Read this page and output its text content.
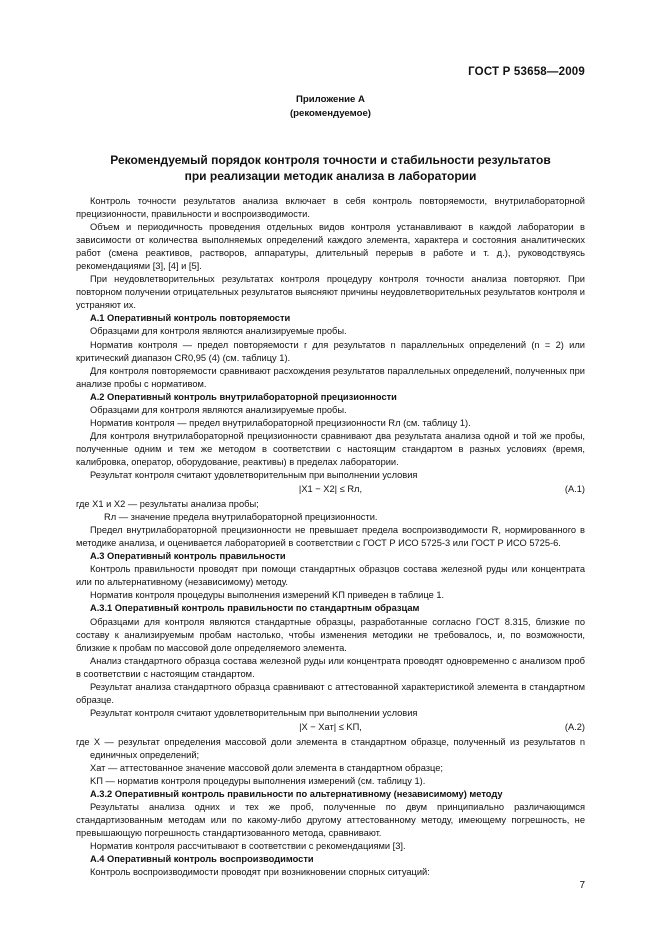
ГОСТ Р 53658—2009
Приложение А
(рекомендуемое)
Рекомендуемый порядок контроля точности и стабильности результатов
при реализации методик анализа в лаборатории

Контроль точности результатов анализа включает в себя контроль повторяемости, внутрилабораторной прецизионности, правильности и воспроизводимости.

Объем и периодичность проведения отдельных видов контроля устанавливают в каждой лаборатории в зависимости от количества выполняемых определений каждого элемента, характера и состояния аналитических работ (смена реактивов, растворов, аппаратуры, длительный перерыв в работе и т. д.), руководствуясь рекомендациями [3], [4] и [5].

При неудовлетворительных результатах контроля процедуру контроля точности анализа повторяют. При повторном получении отрицательных результатов выясняют причины неудовлетворительных результатов контроля и устраняют их.

А.1 Оперативный контроль повторяемости

Образцами для контроля являются анализируемые пробы.

Норматив контроля — предел повторяемости r для результатов n параллельных определений (n = 2) или критический диапазон CR0,95 (4) (см. таблицу 1).

Для контроля повторяемости сравнивают расхождения результатов параллельных определений, полученных при анализе пробы с нормативом.

А.2 Оперативный контроль внутрилабораторной прецизионности

Образцами для контроля являются анализируемые пробы.

Норматив контроля — предел внутрилабораторной прецизионности Rл (см. таблицу 1).

Для контроля внутрилабораторной прецизионности сравнивают два результата анализа одной и той же пробы, полученные одним и тем же методом в соответствии с настоящим стандартом в разных условиях (время, калибровка, оператор, оборудование, реактивы) в пределах лаборатории.

Результат контроля считают удовлетворительным при выполнении условия

|X1 − X2| ≤ Rл,	(А.1)

где X1 и X2 — результаты анализа пробы;

Rл — значение предела внутрилабораторной прецизионности.

Предел внутрилабораторной прецизионности не превышает предела воспроизводимости R, нормированного в методике анализа, и оценивается лабораторией в соответствии с ГОСТ Р ИСО 5725-3 или ГОСТ Р ИСО 5725-6.

А.3 Оперативный контроль правильности

Контроль правильности проводят при помощи стандартных образцов состава железной руды или концентрата или по альтернативному (независимому) методу.

Норматив контроля процедуры выполнения измерений KП приведен в таблице 1.

А.3.1 Оперативный контроль правильности по стандартным образцам

Образцами для контроля являются стандартные образцы, разработанные согласно ГОСТ 8.315, близкие по составу к анализируемым пробам настолько, чтобы изменения методики не требовалось, и, по возможности, близкие к пробам по массовой доле определяемого элемента.

Анализ стандартного образца состава железной руды или концентрата проводят одновременно с анализом проб в соответствии с настоящим стандартом.

Результат анализа стандартного образца сравнивают с аттестованной характеристикой элемента в стандартном образце.

Результат контроля считают удовлетворительным при выполнении условия

|X − Xат| ≤ KП,	(А.2)

где X — результат определения массовой доли элемента в стандартном образце, полученный из результатов n единичных определений;

Xат — аттестованное значение массовой доли элемента в стандартном образце;

KП — норматив контроля процедуры выполнения измерений (см. таблицу 1).

А.3.2 Оперативный контроль правильности по альтернативному (независимому) методу

Результаты анализа одних и тех же проб, полученные по двум принципиально различающимся стандартизованным методам или по какому-либо другому аттестованному методу, имеющему погрешность, не превышающую погрешность стандартизованного метода, сравнивают.

Норматив контроля рассчитывают в соответствии с рекомендациями [3].

А.4 Оперативный контроль воспроизводимости

Контроль воспроизводимости проводят при возникновении спорных ситуаций:

7
